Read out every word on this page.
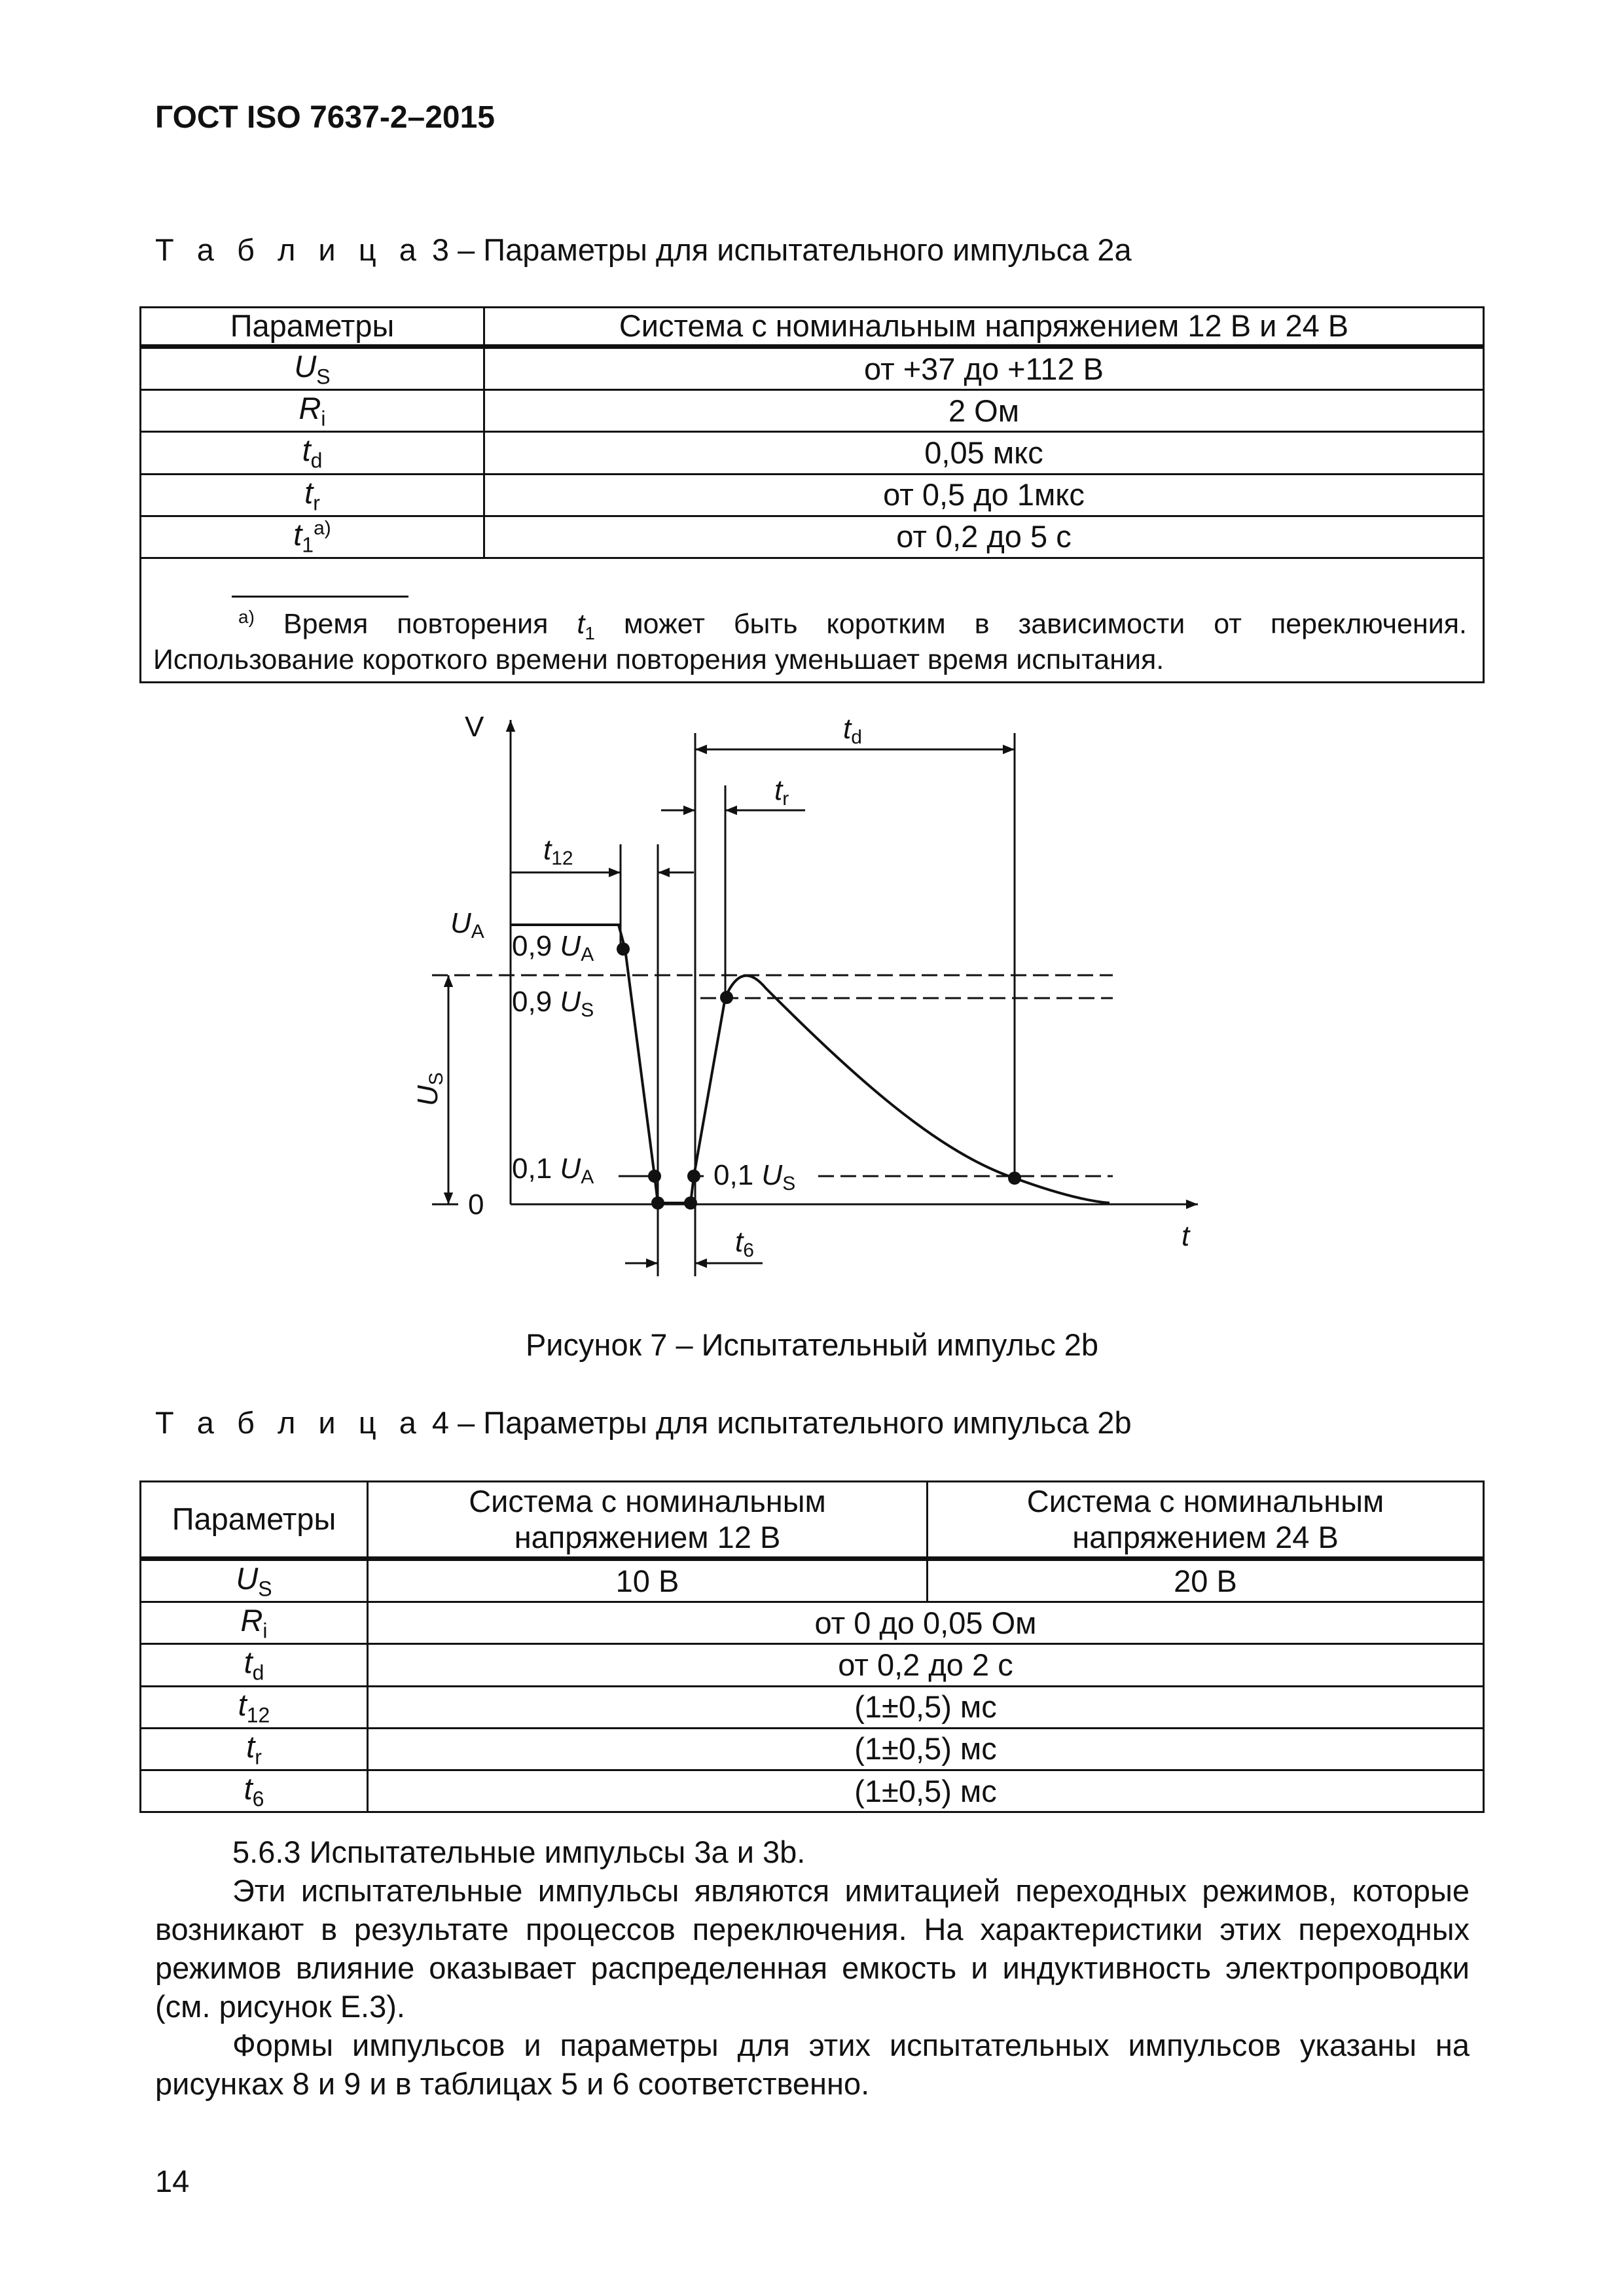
ГОСТ ISO 7637-2–2015
Т а б л и ц а 3 – Параметры для испытательного импульса 2a
Параметры	Система с номинальным напряжением 12 В и 24 В
$U_S$	от +37 до +112 В
$R_i$	2 Ом
$t_d$	0,05 мкс
$t_r$	от 0,5 до 1мкс
$t_1^{a)}$	от 0,2 до 5 с

$^{a)}$ Время повторения $t_1$ может быть коротким в зависимости от переключения.
Использование короткого времени повторения уменьшает время испытания.	
V
t
0
UA
US
0,9 UA
0,9 US
0,1 UA	0,1 US
td
tr
t12
t6
Рисунок 7 – Испытательный импульс 2b
Т а б л и ц а 4 – Параметры для испытательного импульса 2b
Параметры	Система с номинальным напряжением 12 В	Система с номинальным напряжением 24 В
$U_S$	10 В	20 В
$R_i$	от 0 до 0,05 Ом	
$t_d$	от 0,2 до 2 с	
$t_{12}$	(1±0,5) мс	
$t_r$	(1±0,5) мс	
$t_6$	(1±0,5) мс	

5.6.3 Испытательные импульсы 3a и 3b.

Эти испытательные импульсы являются имитацией переходных режимов, которые возникают в результате процессов переключения. На характеристики этих переходных режимов влияние оказывает распределенная емкость и индуктивность электропроводки (см. рисунок Е.3).

Формы импульсов и параметры для этих испытательных импульсов указаны на рисунках 8 и 9 и в таблицах 5 и 6 соответственно.

14
